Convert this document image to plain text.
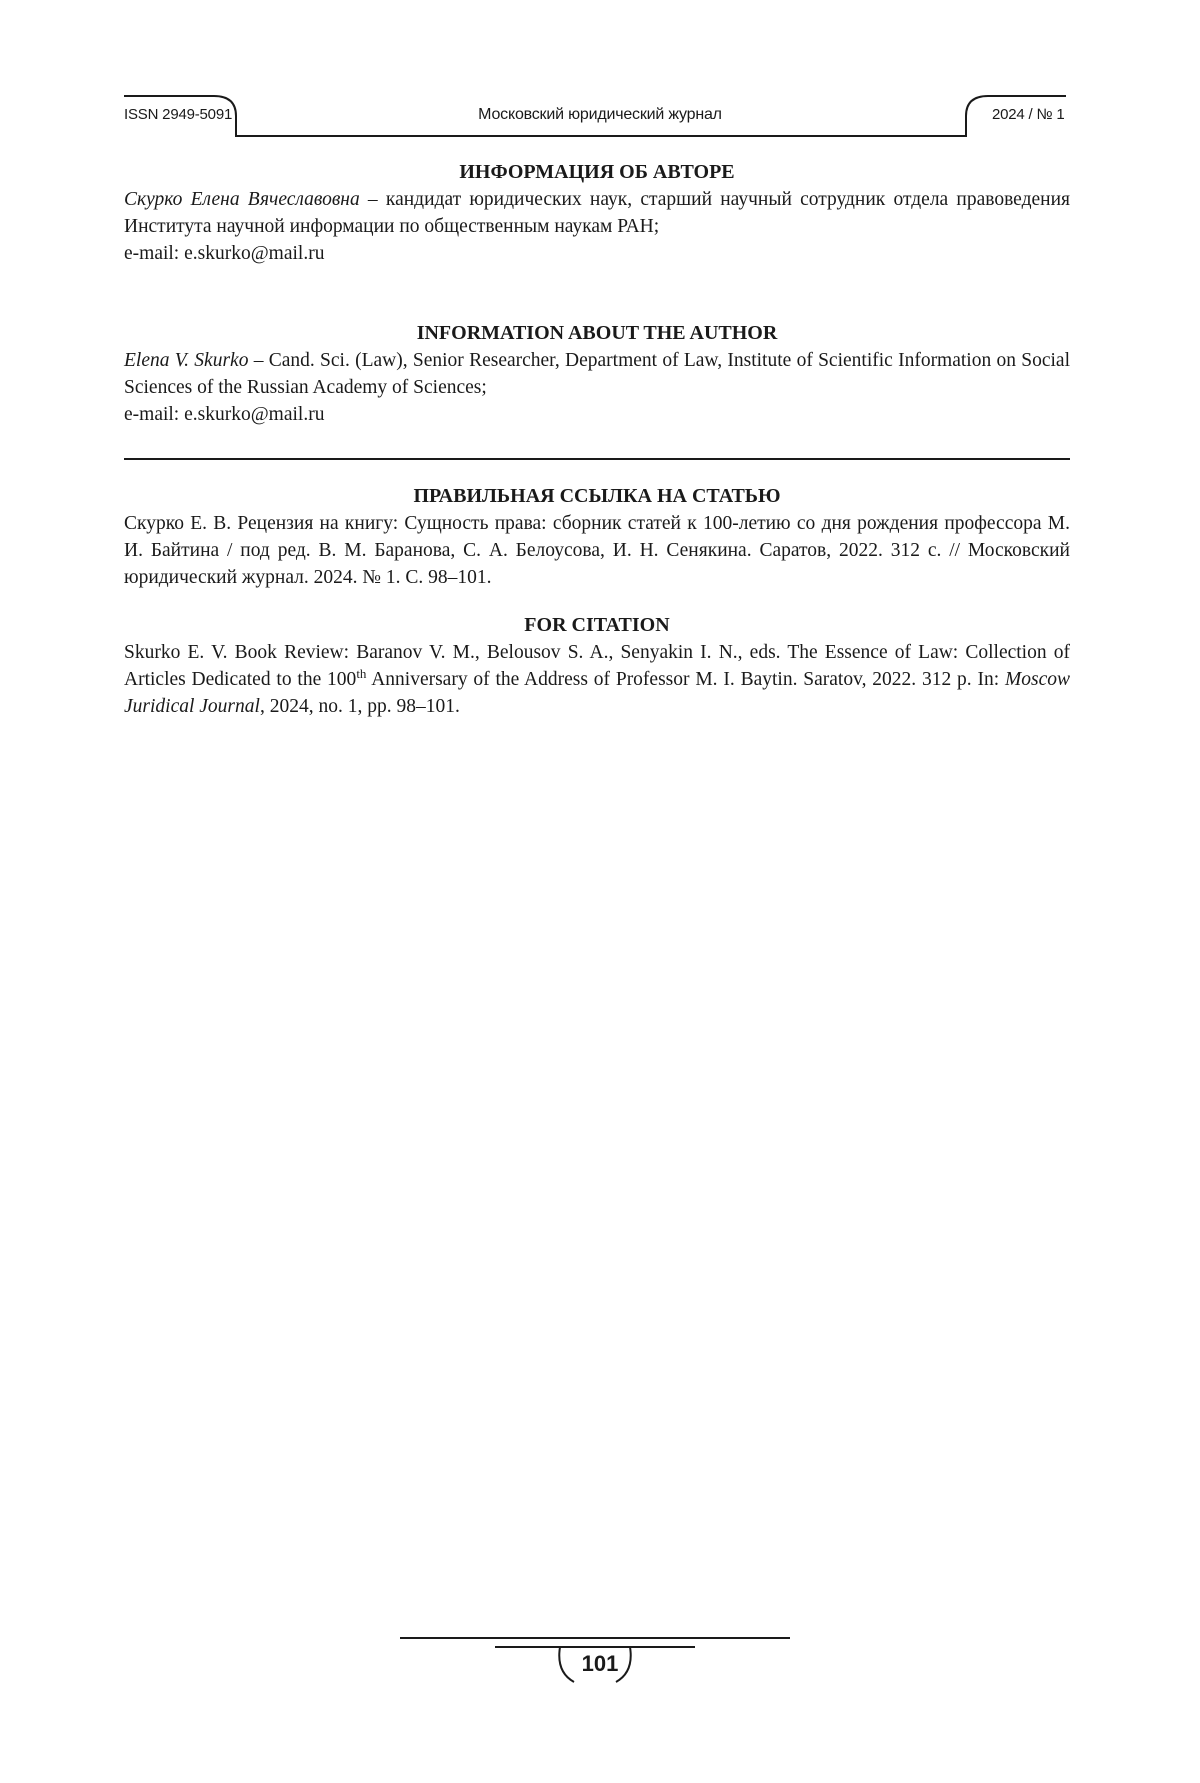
ISSN 2949-5091	Московский юридический журнал	2024 / № 1

ИНФОРМАЦИЯ ОБ АВТОРЕ

Скурко Елена Вячеславовна – кандидат юридических наук, старший научный сотрудник отдела правоведения Института научной информации по общественным наукам РАН;

e-mail: e.skurko@mail.ru

INFORMATION ABOUT THE AUTHOR

Elena V. Skurko – Cand. Sci. (Law), Senior Researcher, Department of Law, Institute of Scientific Information on Social Sciences of the Russian Academy of Sciences;

e-mail: e.skurko@mail.ru

ПРАВИЛЬНАЯ ССЫЛКА НА СТАТЬЮ

Скурко Е. В. Рецензия на книгу: Сущность права: сборник статей к 100-летию со дня рождения профессора М. И. Байтина / под ред. В. М. Баранова, С. А. Белоусова, И. Н. Сенякина. Саратов, 2022. 312 с. // Московский юридический журнал. 2024. № 1. С. 98–101.

FOR CITATION

Skurko E. V. Book Review: Baranov V. M., Belousov S. A., Senyakin I. N., eds. The Essence of Law: Collection of Articles Dedicated to the 100th Anniversary of the Address of Professor M. I. Baytin. Saratov, 2022. 312 p. In: Moscow Juridical Journal, 2024, no. 1, pp. 98–101.

101
